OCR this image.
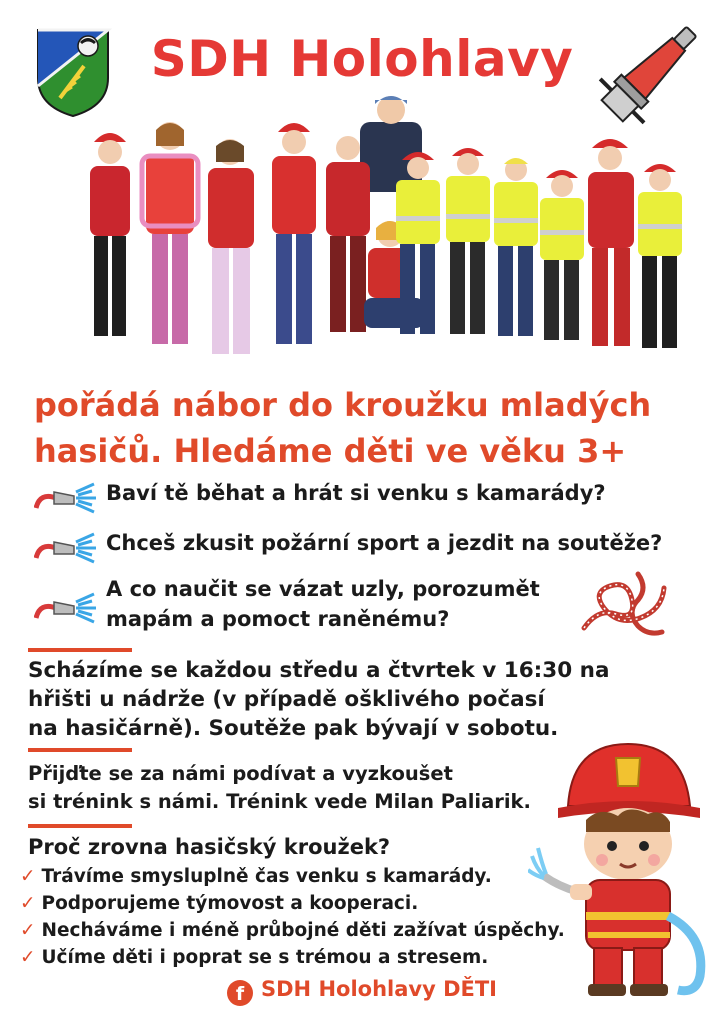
SDH Holohlavy
pořádá nábor do kroužku mladých
hasičů. Hledáme děti ve věku 3+
Baví tě běhat a hrát si venku s kamarády?
Chceš zkusit požární sport a jezdit na soutěže?
A co naučit se vázat uzly, porozumět
mapám a pomoct raněnému?
Scházíme se každou středu a čtvrtek v 16:30 na
hřišti u nádrže (v případě ošklivého počasí
na hasičárně). Soutěže pak bývají v sobotu.
Přijďte se za námi podívat a vyzkoušet
si trénink s námi. Trénink vede Milan Paliarik.
Proč zrovna hasičský kroužek?
✓ Trávíme smysluplně čas venku s kamarády.
✓ Podporujeme týmovost a kooperaci.
✓ Necháváme i méně průbojné děti zažívat úspěchy.
✓ Učíme děti i poprat se s trémou a stresem.
f SDH Holohlavy DĚTI
